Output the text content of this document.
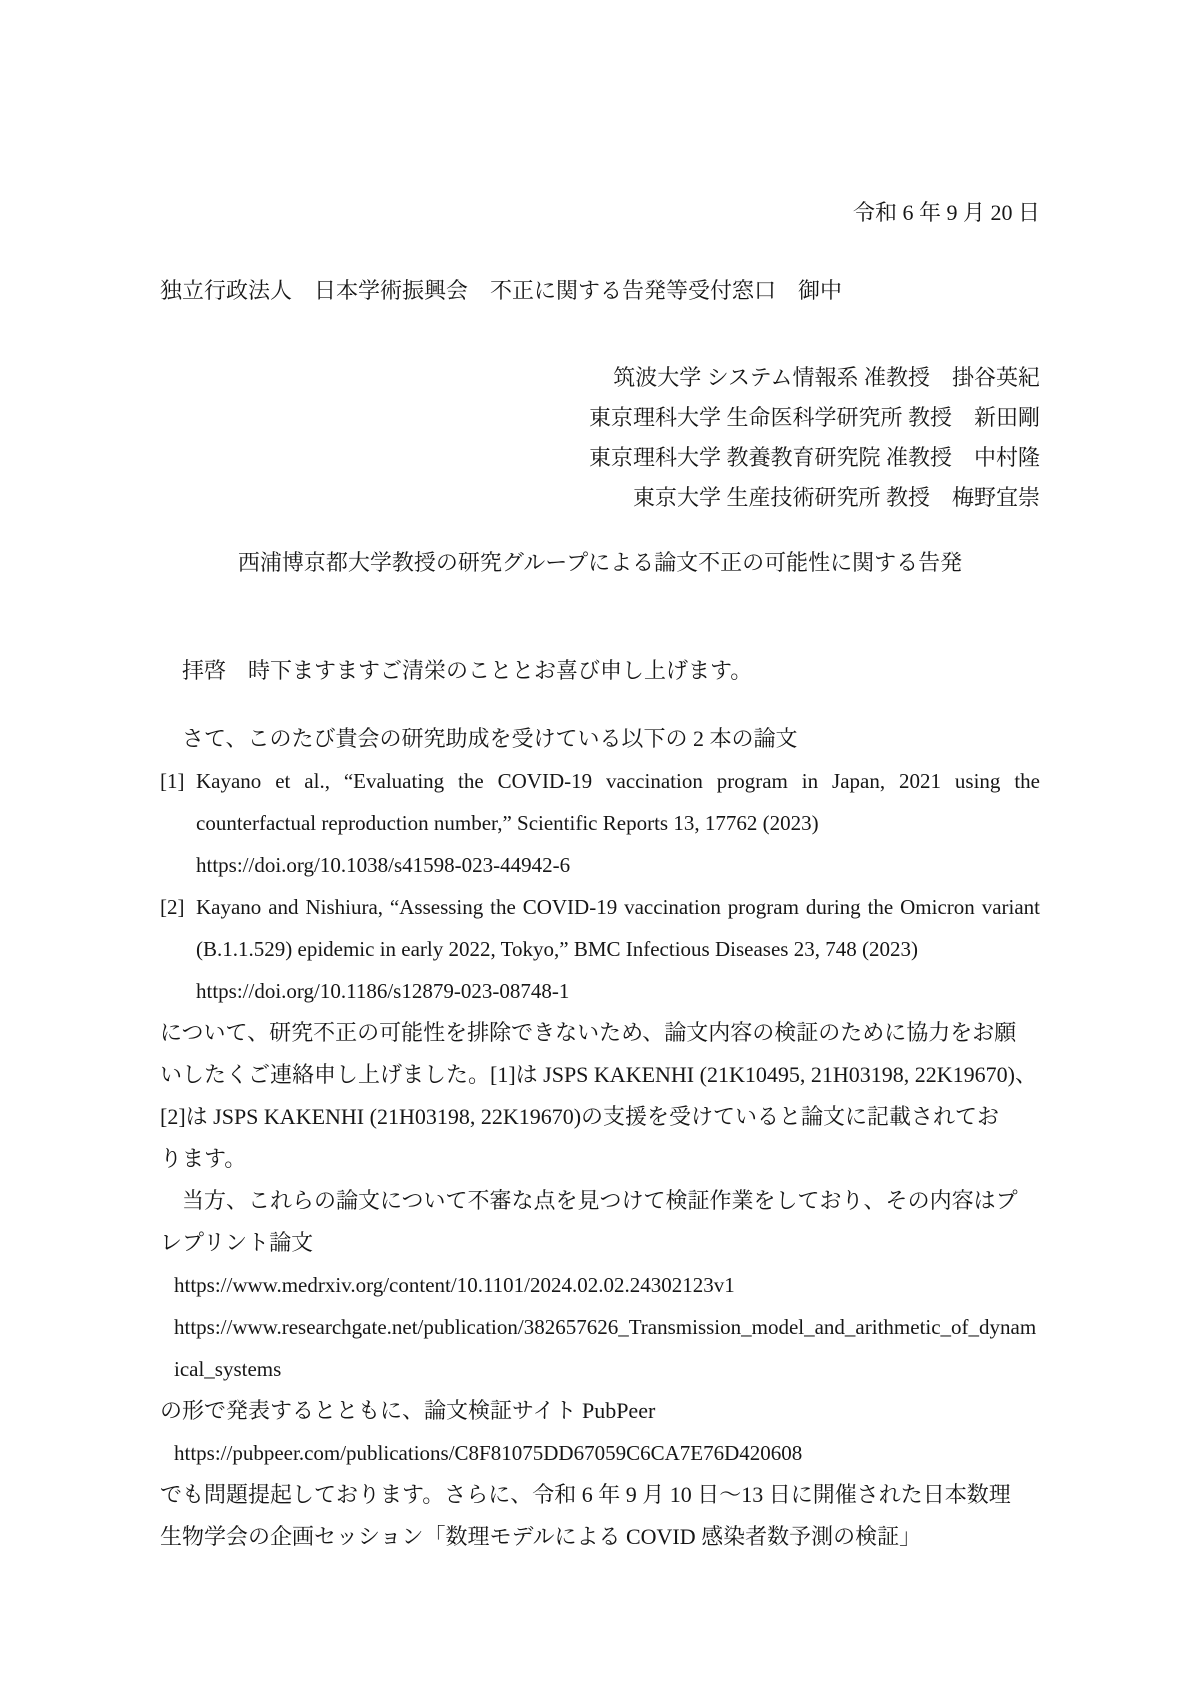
令和 6 年 9 月 20 日
独立行政法人　日本学術振興会　不正に関する告発等受付窓口　御中
筑波大学 システム情報系 准教授　掛谷英紀
東京理科大学 生命医科学研究所 教授　新田剛
東京理科大学 教養教育研究院 准教授　中村隆
東京大学 生産技術研究所 教授　梅野宜崇
西浦博京都大学教授の研究グループによる論文不正の可能性に関する告発

拝啓　時下ますますご清栄のこととお喜び申し上げます。

さて、このたび貴会の研究助成を受けている以下の 2 本の論文

[1] Kayano et al., “Evaluating the COVID-19 vaccination program in Japan, 2021 using the counterfactual reproduction number,” Scientific Reports 13, 17762 (2023)
https://doi.org/10.1038/s41598-023-44942-6
[2] Kayano and Nishiura, “Assessing the COVID-19 vaccination program during the Omicron variant (B.1.1.529) epidemic in early 2022, Tokyo,” BMC Infectious Diseases 23, 748 (2023)
https://doi.org/10.1186/s12879-023-08748-1
について、研究不正の可能性を排除できないため、論文内容の検証のために協力をお願
いしたくご連絡申し上げました。[1]は JSPS KAKENHI (21K10495, 21H03198, 22K19670)、
[2]は JSPS KAKENHI (21H03198, 22K19670)の支援を受けていると論文に記載されてお
ります。
当方、これらの論文について不審な点を見つけて検証作業をしており、その内容はプ
レプリント論文
https://www.medrxiv.org/content/10.1101/2024.02.02.24302123v1
https://www.researchgate.net/publication/382657626_Transmission_model_and_arithmetic_of_dynamical_systems
の形で発表するとともに、論文検証サイト PubPeer
https://pubpeer.com/publications/C8F81075DD67059C6CA7E76D420608
でも問題提起しております。さらに、令和 6 年 9 月 10 日～13 日に開催された日本数理
生物学会の企画セッション「数理モデルによる COVID 感染者数予測の検証」
